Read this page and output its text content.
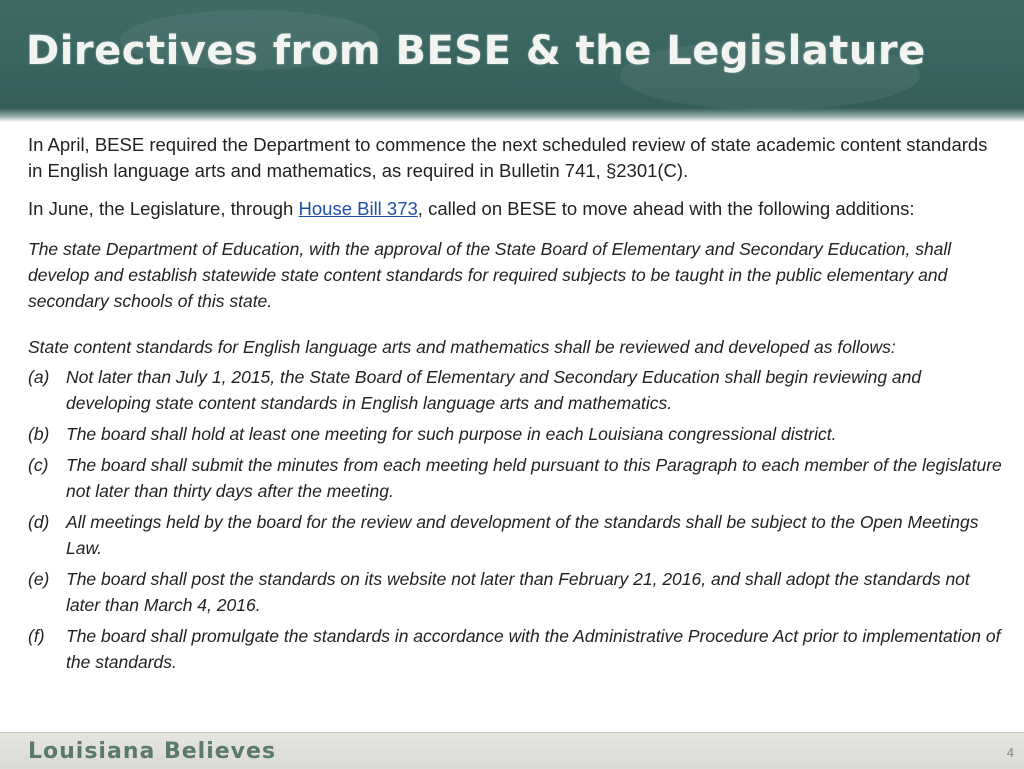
Directives from BESE & the Legislature

In April, BESE required the Department to commence the next scheduled review of state academic content standards in English language arts and mathematics, as required in Bulletin 741, §2301(C).

In June, the Legislature, through House Bill 373, called on BESE to move ahead with the following additions:

The state Department of Education, with the approval of the State Board of Elementary and Secondary Education, shall develop and establish statewide state content standards for required subjects to be taught in the public elementary and secondary schools of this state.

State content standards for English language arts and mathematics shall be reviewed and developed as follows:

(a) Not later than July 1, 2015, the State Board of Elementary and Secondary Education shall begin reviewing and developing state content standards in English language arts and mathematics.
(b) The board shall hold at least one meeting for such purpose in each Louisiana congressional district.
(c)	The board shall submit the minutes from each meeting held pursuant to this Paragraph to each member of the legislature not later than thirty days after the meeting.
(d) All meetings held by the board for the review and development of the standards shall be subject to the Open Meetings Law.
(e) The board shall post the standards on its website not later than February 21, 2016, and shall adopt the standards not later than March 4, 2016.
(f)	The board shall promulgate the standards in accordance with the Administrative Procedure Act prior to implementation of the standards.
Louisiana Believes	4
